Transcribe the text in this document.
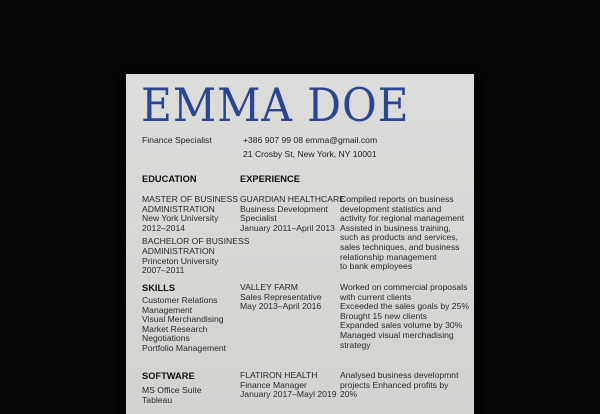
EMMA DOE
Finance Specialist	+386 907 99 08 emma@gmail.com
21 Crosby St, New York, NY 10001
EDUCATION	EXPERIENCE
MASTER OF BUSINESS
ADMINISTRATION
New York University
2012–2014
BACHELOR OF BUSINESS
ADMINISTRATION
Princeton University
2007–2011
GUARDIAN HEALTHCARE
Business Development
Specialist
January 2011–April 2013
Compiled reports on business
development statistics and
activity for regional management
Assisted in business training,
such as products and services,
sales techniques, and business
relationship management
to bank employees
SKILLS
Customer Relations
Management
Visual Merchandising
Market Research
Negotiations
Portfolio Management
VALLEY FARM
Sales Representative
May 2013–April 2016
Worked on commercial proposals
with current clients
Exceeded the sales goals by 25%
Brought 15 new clients
Expanded sales volume by 30%
Managed visual merchadising
strategy
SOFTWARE
MS Office Suite
Tableau
FLATIRON HEALTH
Finance Manager
January 2017–Mayl 2019
Analysed business developmnt
projects Enhanced profits by
20%
